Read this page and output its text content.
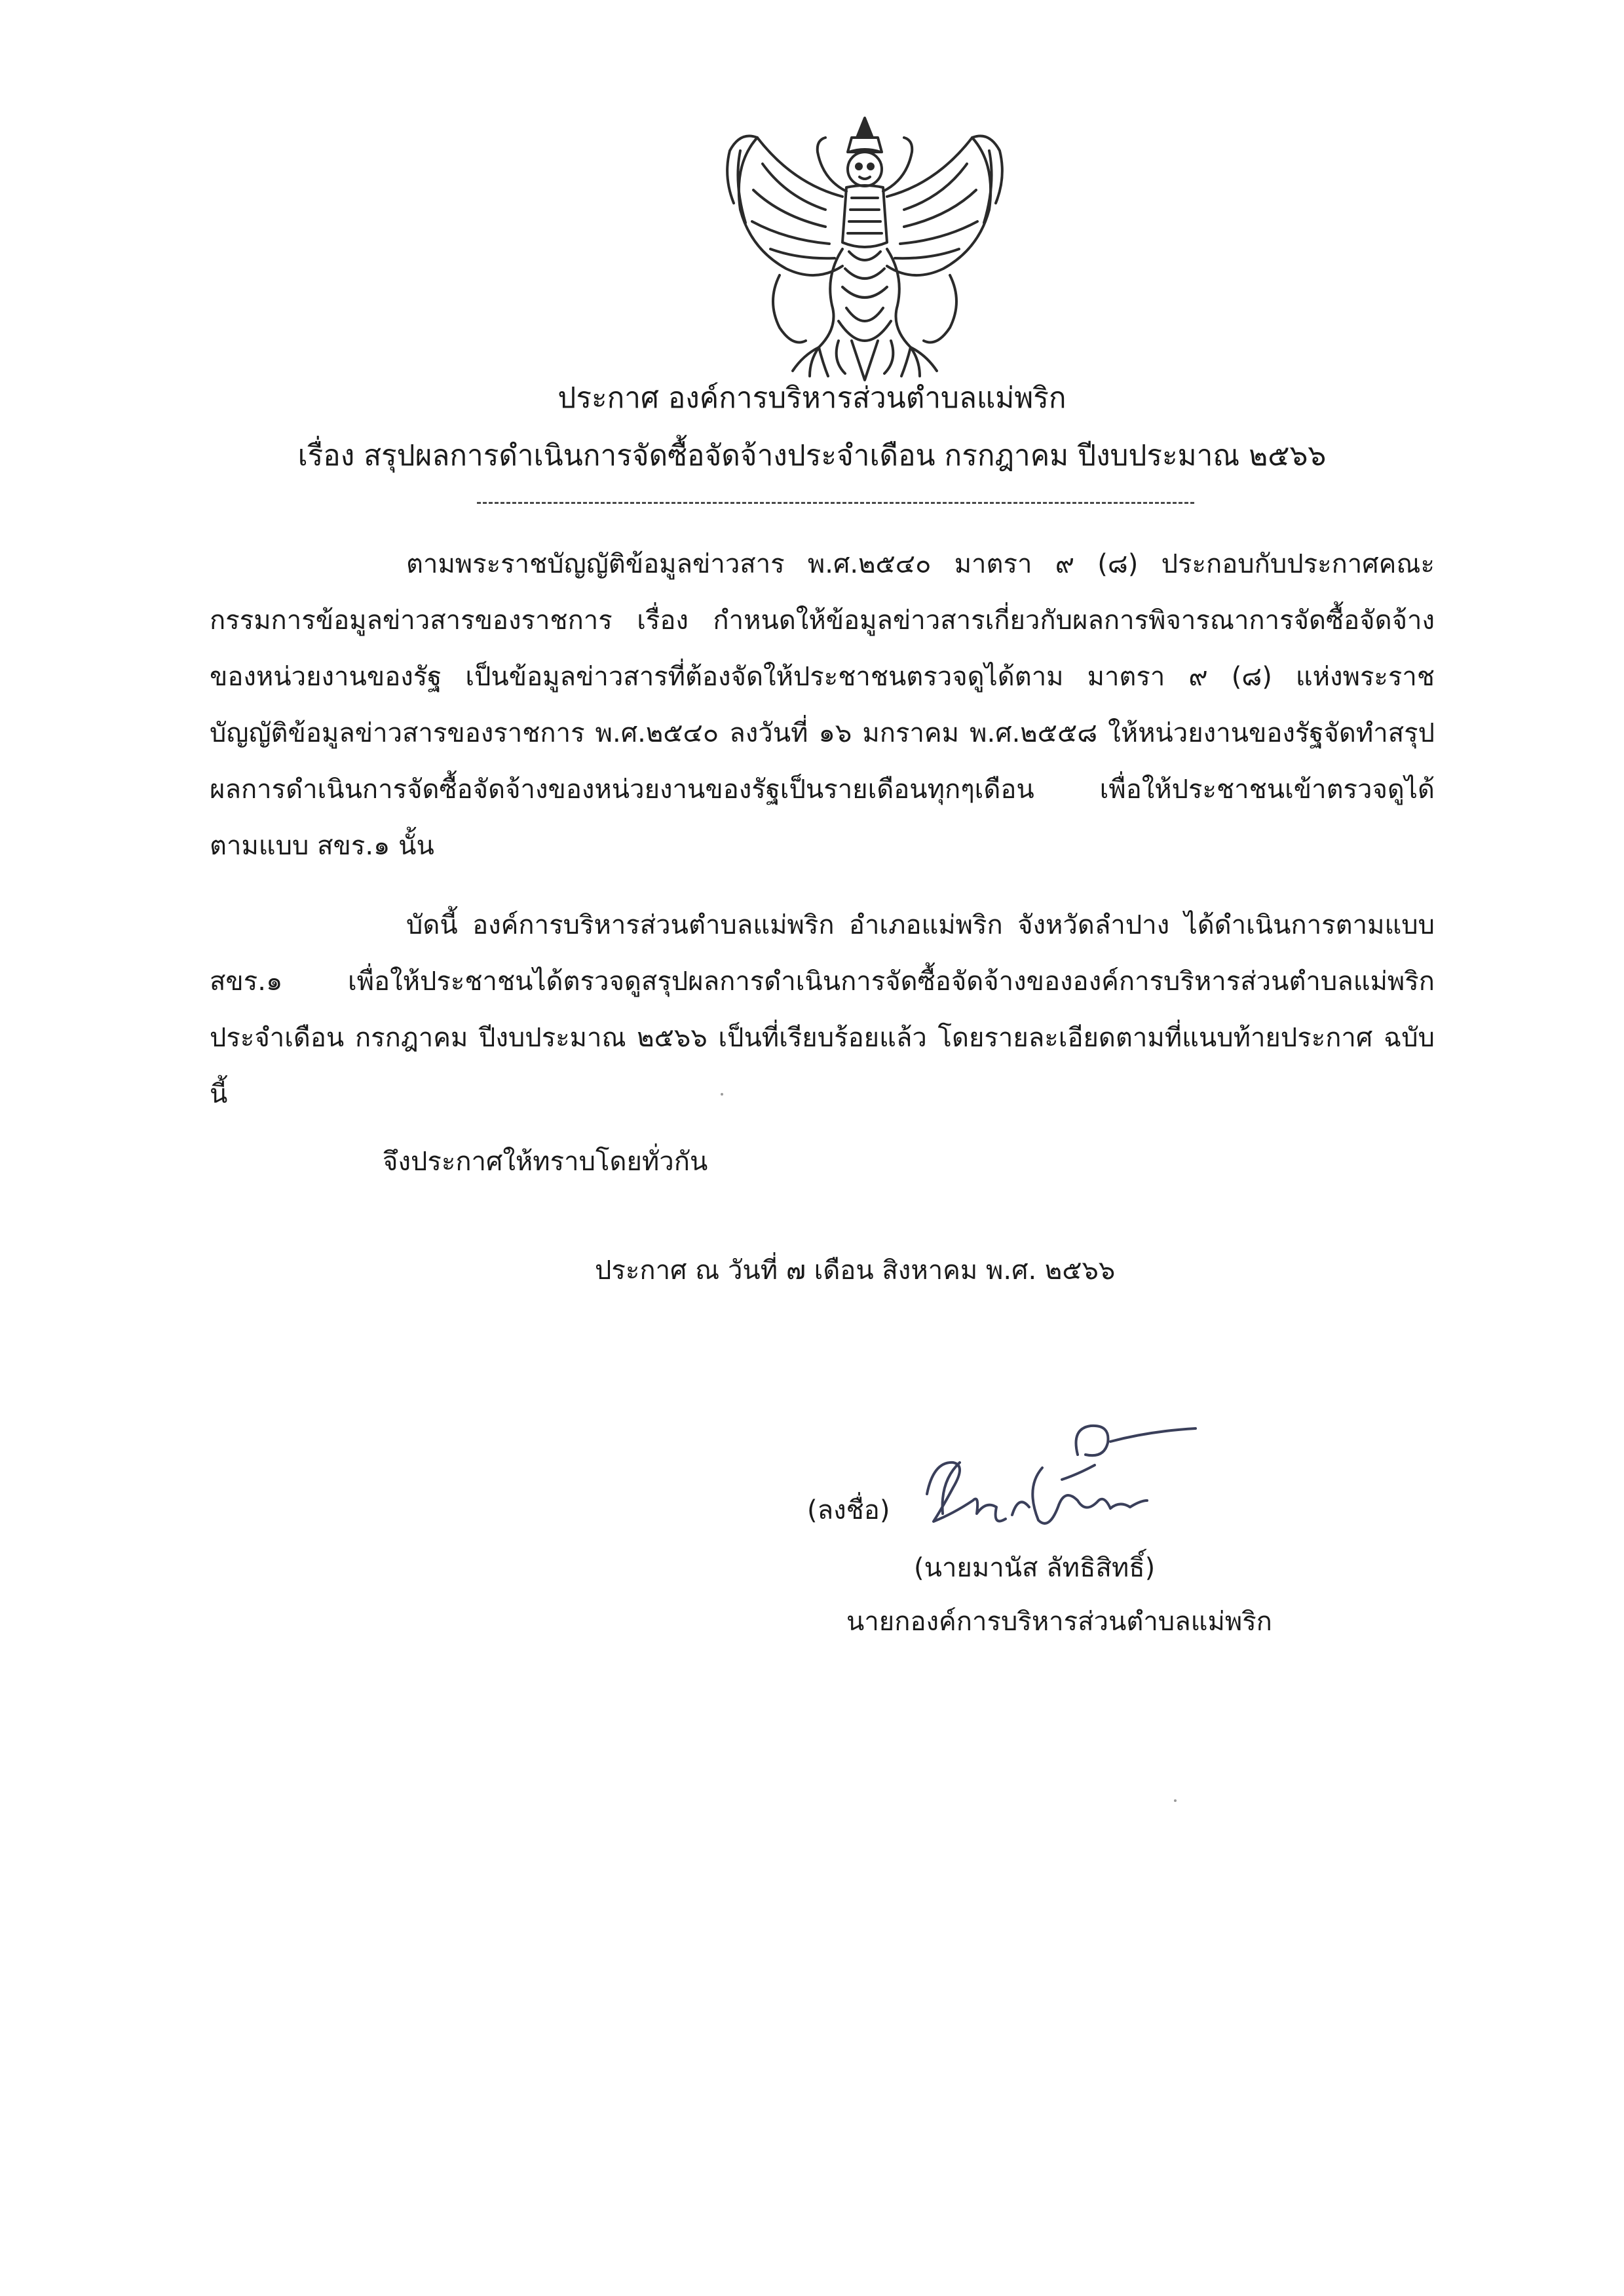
ประกาศ องค์การบริหารส่วนตำบลแม่พริก
เรื่อง สรุปผลการดำเนินการจัดซื้อจัดจ้างประจำเดือน กรกฎาคม ปีงบประมาณ ๒๕๖๖

ตามพระราชบัญญัติข้อมูลข่าวสาร พ.ศ.๒๕๔๐ มาตรา ๙ (๘) ประกอบกับประกาศคณะกรรมการข้อมูลข่าวสารของราชการ เรื่อง กำหนดให้ข้อมูลข่าวสารเกี่ยวกับผลการพิจารณาการจัดซื้อจัดจ้างของหน่วยงานของรัฐ เป็นข้อมูลข่าวสารที่ต้องจัดให้ประชาชนตรวจดูได้ตาม มาตรา ๙ (๘) แห่งพระราชบัญญัติข้อมูลข่าวสารของราชการ พ.ศ.๒๕๔๐ ลงวันที่ ๑๖ มกราคม พ.ศ.๒๕๕๘ ให้หน่วยงานของรัฐจัดทำสรุปผลการดำเนินการจัดซื้อจัดจ้างของหน่วยงานของรัฐเป็นรายเดือนทุกๆเดือน เพื่อให้ประชาชนเข้าตรวจดูได้ ตามแบบ สขร.๑ นั้น

บัดนี้ องค์การบริหารส่วนตำบลแม่พริก อำเภอแม่พริก จังหวัดลำปาง ได้ดำเนินการตามแบบ สขร.๑ เพื่อให้ประชาชนได้ตรวจดูสรุปผลการดำเนินการจัดซื้อจัดจ้างขององค์การบริหารส่วนตำบลแม่พริก ประจำเดือน กรกฎาคม ปีงบประมาณ ๒๕๖๖ เป็นที่เรียบร้อยแล้ว โดยรายละเอียดตามที่แนบท้ายประกาศ ฉบับนี้

จึงประกาศให้ทราบโดยทั่วกัน
ประกาศ ณ วันที่ ๗ เดือน สิงหาคม พ.ศ. ๒๕๖๖
(ลงชื่อ)
(นายมานัส ลัทธิสิทธิ์)
นายกองค์การบริหารส่วนตำบลแม่พริก
